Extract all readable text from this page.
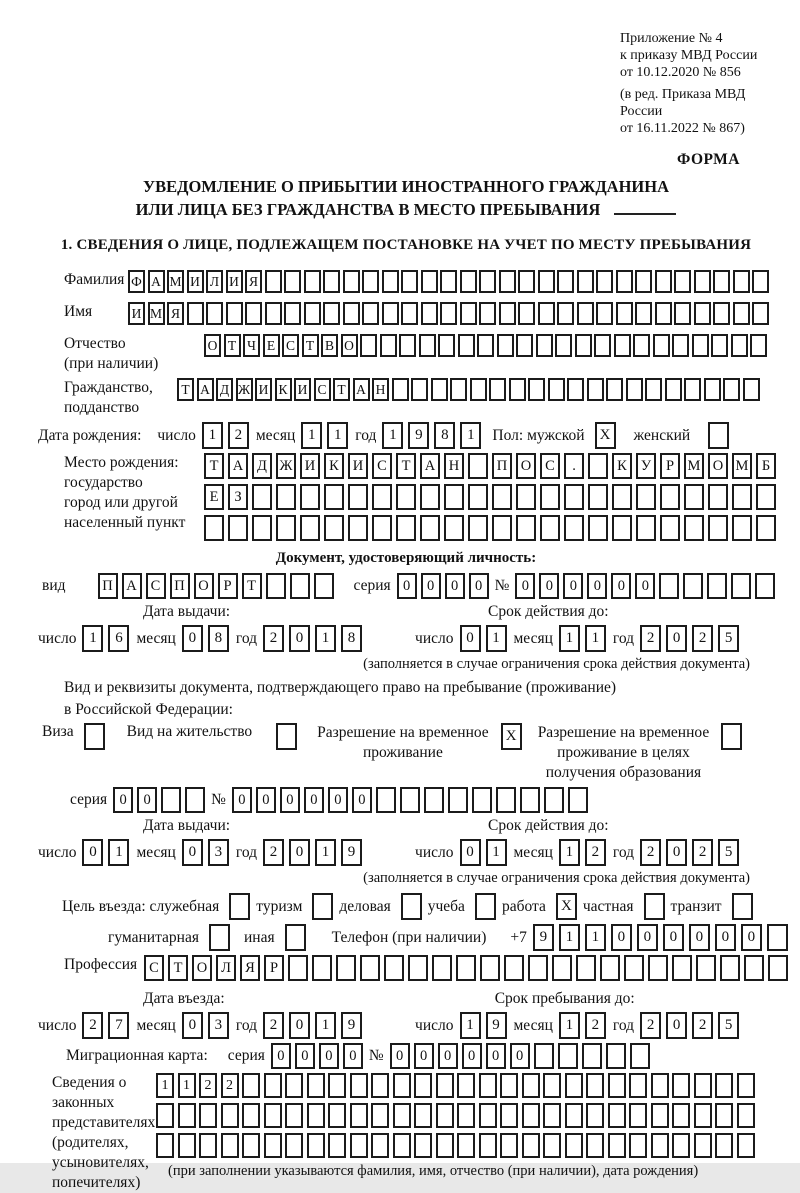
Приложение № 4
к приказу МВД России
от 10.12.2020 № 856
(в ред. Приказа МВД России
от 16.11.2022 № 867)
ФОРМА
УВЕДОМЛЕНИЕ О ПРИБЫТИИ ИНОСТРАННОГО ГРАЖДАНИНА
ИЛИ ЛИЦА БЕЗ ГРАЖДАНСТВА В МЕСТО ПРЕБЫВАНИЯ
1. СВЕДЕНИЯ О ЛИЦЕ, ПОДЛЕЖАЩЕМ ПОСТАНОВКЕ НА УЧЕТ ПО МЕСТУ ПРЕБЫВАНИЯ
Фамилия Ф А М И Л И Я
Имя	И М Я
Отчество
(при наличии)
О Т Ч Е С Т В О
Гражданство,
подданство
Т А Д Ж И К И С Т А Н
Дата рождения: число 1	2 месяц 1	1 год 1	9	8	1	Пол: мужской	X	женский
Место рождения:
государство
город или другой
населенный пункт
Т А Д Ж И К И С	Т А Н	П О С	.	К У	Р М О М Б
Е	З
Документ, удостоверяющий личность:
вид	П А С П О	Р	Т	серия 0	0	0	0 № 0	0	0	0	0	0
Дата выдачи:	Срок действия до:
число 1	6 месяц 0	8 год 2	0	1	8	число 0	1 месяц 1	1 год 2	0	2	5
(заполняется в случае ограничения срока действия документа)
Вид и реквизиты документа, подтверждающего право на пребывание (проживание)
в Российской Федерации:
Виза	Вид на жительство	Разрешение на временное
проживание
X	Разрешение на временное
проживание в целях
получения образования
серия 0	0	№ 0	0	0	0	0	0
Дата выдачи:	Срок действия до:
число 0	1 месяц 0	3 год 2	0	1	9	число 0	1 месяц 1	2 год 2	0	2	5
(заполняется в случае ограничения срока действия документа)
Цель въезда: служебная туризм деловая учеба работа	X частная транзит
гуманитарная	иная	Телефон (при наличии) +7 9	1	1	0	0	0	0	0	0
Профессия С	Т О Л Я	Р
Дата въезда:	Срок пребывания до:
число 2	7 месяц 0	3 год 2	0	1	9	число 1	9 месяц 1	2 год 2	0	2	5
Миграционная карта: серия 0	0	0	0 № 0	0	0	0	0	0
Сведения о
законных
представителях
(родителях,
усыновителях,
попечителях)
1	1	2	2
(при заполнении указываются фамилия, имя, отчество (при наличии), дата рождения)
